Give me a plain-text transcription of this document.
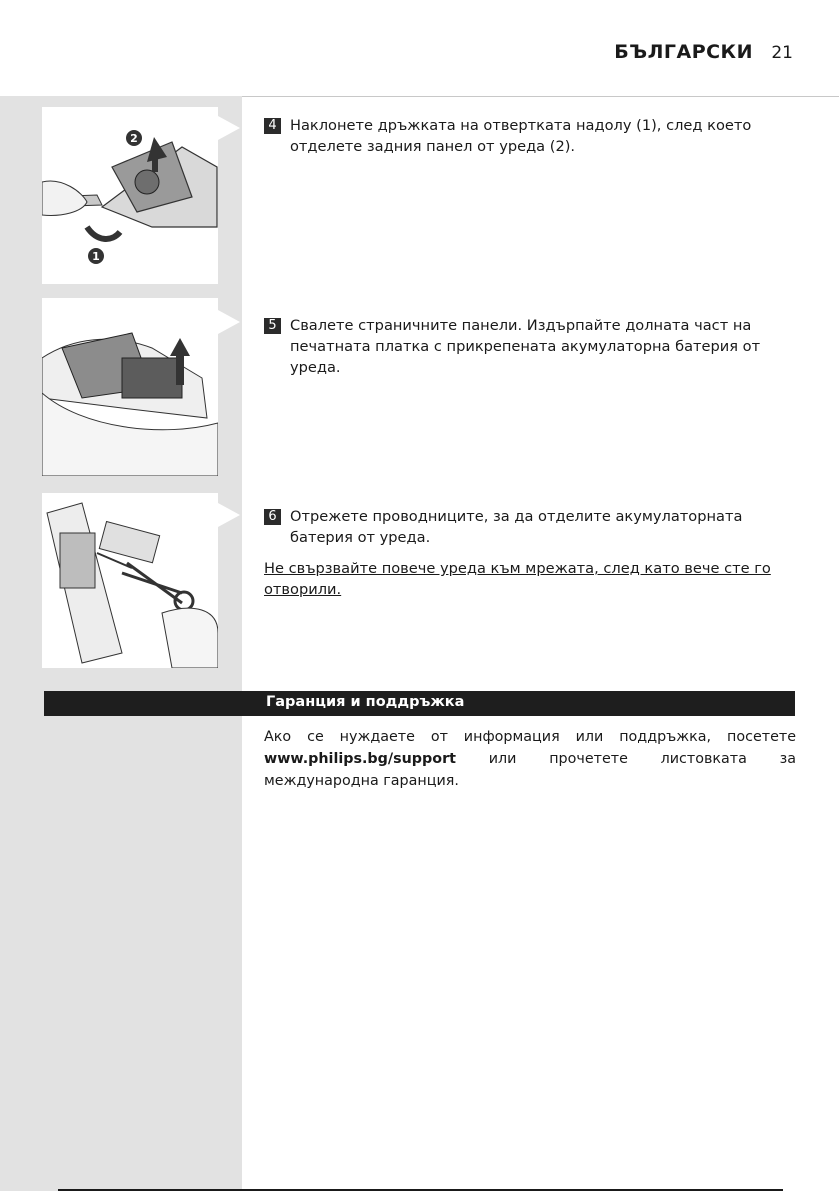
БЪЛГАРСКИ 21
2
1
4 Наклонете дръжката на отвертката надолу (1), след което отделете задния панел от уреда (2).
5 Свалете страничните панели. Издърпайте долната част на печатната платка с прикрепената акумулаторна батерия от уреда.
6 Отрежете проводниците, за да отделите акумулаторната батерия от уреда.
Не свързвайте повече уреда към мрежата, след като вече сте го отворили.
Гаранция и поддръжка
Ако се нуждаете от информация или поддръжка, посетете www.philips.bg/support или прочетете листовката за международна гаранция.
